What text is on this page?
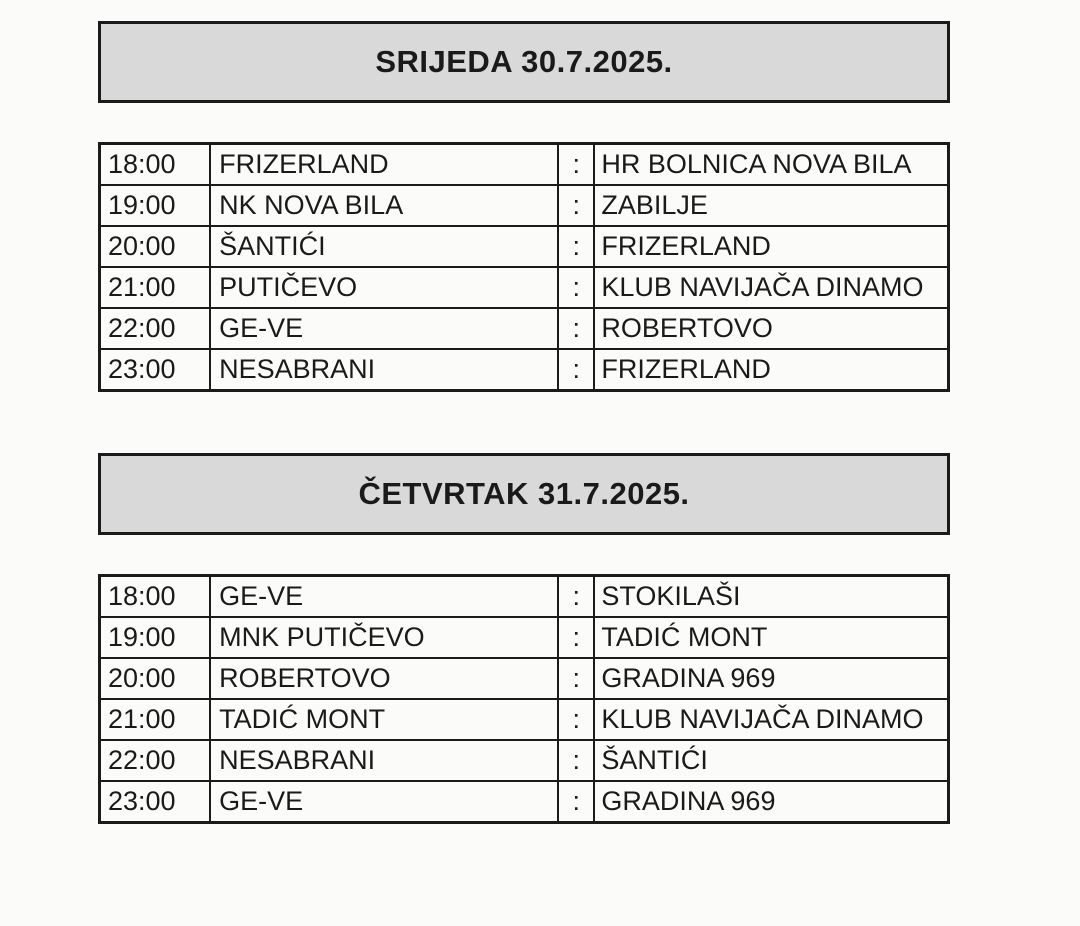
SRIJEDA 30.7.2025.
18:00	FRIZERLAND	:	HR BOLNICA NOVA BILA
19:00	NK NOVA BILA	:	ZABILJE
20:00	ŠANTIĆI	:	FRIZERLAND
21:00	PUTIČEVO	:	KLUB NAVIJAČA DINAMO
22:00	GE-VE	:	ROBERTOVO
23:00	NESABRANI	:	FRIZERLAND
ČETVRTAK 31.7.2025.
18:00	GE-VE	:	STOKILAŠI
19:00	MNK PUTIČEVO	:	TADIĆ MONT
20:00	ROBERTOVO	:	GRADINA 969
21:00	TADIĆ MONT	:	KLUB NAVIJAČA DINAMO
22:00	NESABRANI	:	ŠANTIĆI
23:00	GE-VE	:	GRADINA 969
